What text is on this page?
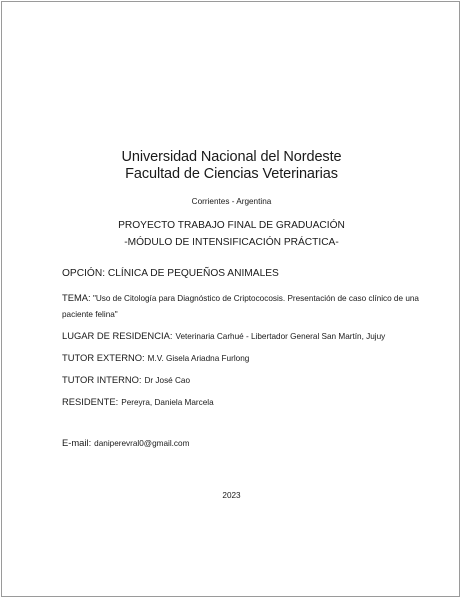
Universidad Nacional del Nordeste
Facultad de Ciencias Veterinarias
Corrientes - Argentina
PROYECTO TRABAJO FINAL DE GRADUACIÓN
-MÓDULO DE INTENSIFICACIÓN PRÁCTICA-
OPCIÓN: CLÍNICA DE PEQUEÑOS ANIMALES
TEMA: "Uso de Citología para Diagnóstico de Criptococosis. Presentación de caso clínico de una paciente felina"
LUGAR DE RESIDENCIA: Veterinaria Carhué - Libertador General San Martín, Jujuy
TUTOR EXTERNO: M.V. Gisela Ariadna Furlong
TUTOR INTERNO: Dr José Cao
RESIDENTE: Pereyra, Daniela Marcela
E-mail: daniperevral0@gmail.com
2023
